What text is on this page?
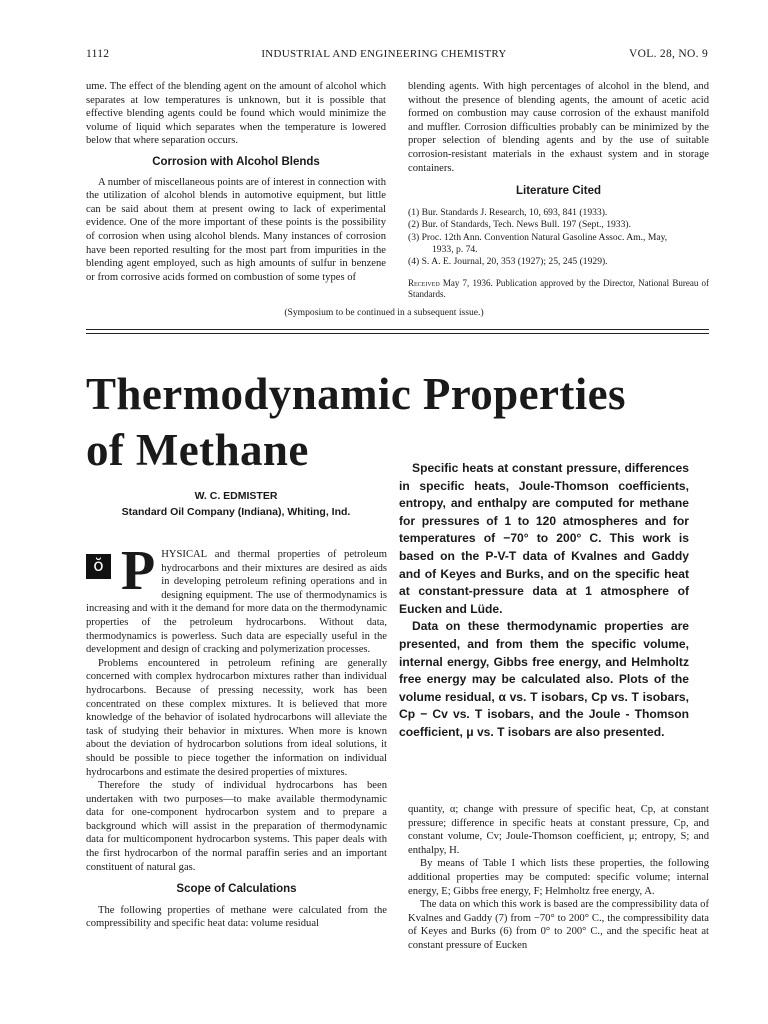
1112	INDUSTRIAL AND ENGINEERING CHEMISTRY	VOL. 28, NO. 9

ume. The effect of the blending agent on the amount of alcohol which separates at low temperatures is unknown, but it is possible that effective blending agents could be found which would minimize the volume of liquid which separates when the temperature is lowered below that where separation occurs.

Corrosion with Alcohol Blends

A number of miscellaneous points are of interest in connection with the utilization of alcohol blends in automotive equipment, but little can be said about them at present owing to lack of experimental evidence. One of the more important of these points is the possibility of corrosion when using alcohol blends. Many instances of corrosion have been reported resulting for the most part from impurities in the blending agent employed, such as high amounts of sulfur in benzene or from corrosive acids formed on combustion of some types of

blending agents. With high percentages of alcohol in the blend, and without the presence of blending agents, the amount of acetic acid formed on combustion may cause corrosion of the exhaust manifold and muffler. Corrosion difficulties probably can be minimized by the proper selection of blending agents and by the use of suitable corrosion-resistant materials in the exhaust system and in storage containers.

Literature Cited

(1) Bur. Standards J. Research, 10, 693, 841 (1933).
(2) Bur. of Standards, Tech. News Bull. 197 (Sept., 1933).
(3) Proc. 12th Ann. Convention Natural Gasoline Assoc. Am., May,
1933, p. 74.
(4) S. A. E. Journal, 20, 353 (1927); 25, 245 (1929).
Received May 7, 1936. Publication approved by the Director, National Bureau of Standards.
(Symposium to be continued in a subsequent issue.)
Thermodynamic Properties
of Methane
W. C. EDMISTER
Standard Oil Company (Indiana), Whiting, Ind.

ŏ P HYSICAL and thermal properties of petroleum hydrocarbons and their mixtures are desired as aids in developing petroleum refining operations and in designing equipment. The use of thermodynamics is increasing and with it the demand for more data on the thermodynamic properties of the petroleum hydrocarbons. Without data, thermodynamics is powerless. Such data are especially useful in the development and design of cracking and polymerization processes.

Problems encountered in petroleum refining are generally concerned with complex hydrocarbon mixtures rather than individual hydrocarbons. Because of pressing necessity, work has been concentrated on these complex mixtures. It is believed that more knowledge of the behavior of isolated hydrocarbons will alleviate the task of studying their behavior in mixtures. When more is known about the deviation of hydrocarbon solutions from ideal solutions, it should be possible to piece together the information on individual hydrocarbons and estimate the desired properties of mixtures.

Therefore the study of individual hydrocarbons has been undertaken with two purposes—to make available thermodynamic data for one-component hydrocarbon system and to prepare a background which will assist in the preparation of thermodynamic data for multicomponent hydrocarbon systems. This paper deals with the first hydrocarbon of the normal paraffin series and an important constituent of natural gas.

Scope of Calculations

The following properties of methane were calculated from the compressibility and specific heat data: volume residual

Specific heats at constant pressure, differences in specific heats, Joule-Thomson coefficients, entropy, and enthalpy are computed for methane for pressures of 1 to 120 atmospheres and for temperatures of −70° to 200° C. This work is based on the P-V-T data of Kvalnes and Gaddy and of Keyes and Burks, and on the specific heat at constant-pressure data at 1 atmosphere of Eucken and Lüde.

Data on these thermodynamic properties are presented, and from them the specific volume, internal energy, Gibbs free energy, and Helmholtz free energy may be calculated also. Plots of the volume residual, α vs. T isobars, Cp vs. T isobars, Cp − Cv vs. T isobars, and the Joule - Thomson coefficient, μ vs. T isobars are also presented.

quantity, α; change with pressure of specific heat, Cp, at constant pressure; difference in specific heats at constant pressure, Cp, and constant volume, Cv; Joule-Thomson coefficient, μ; entropy, S; and enthalpy, H.

By means of Table I which lists these properties, the following additional properties may be computed: specific volume; internal energy, E; Gibbs free energy, F; Helmholtz free energy, A.

The data on which this work is based are the compressibility data of Kvalnes and Gaddy (7) from −70° to 200° C., the compressibility data of Keyes and Burks (6) from 0° to 200° C., and the specific heat at constant pressure of Eucken
